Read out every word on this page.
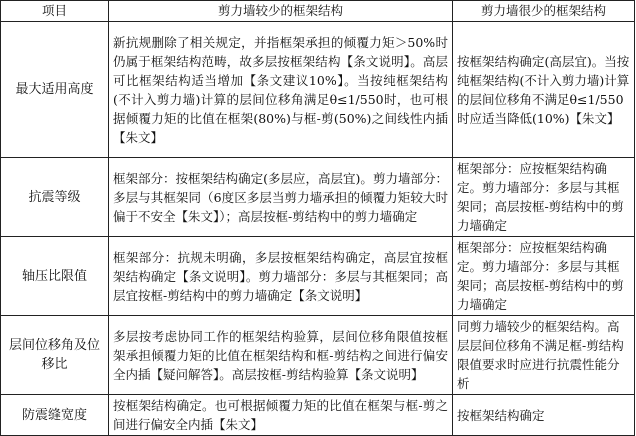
项目	剪力墙较少的框架结构	剪力墙很少的框架结构
最大适用高度	新抗规删除了相关规定，并指框架承担的倾覆力矩＞50%时仍属于框架结构范畴，故多层按框架结构【条文说明】。高层可比框架结构适当增加【条文建议10%】。当按纯框架结构(不计入剪力墙)计算的层间位移角满足θ≤1/550时，也可根据倾覆力矩的比值在框架(80%)与框-剪(50%)之间线性内插【朱文】	按框架结构确定(高层宜)。当按纯框架结构(不计入剪力墙)计算的层间位移角不满足θ≤1/550时应适当降低(10%)【朱文】
抗震等级	框架部分：按框架结构确定(多层应，高层宜)。剪力墙部分：多层与其框架同（6度区多层当剪力墙承担的倾覆力矩较大时偏于不安全【朱文】）；高层按框-剪结构中的剪力墙确定	框架部分：应按框架结构确定。剪力墙部分：多层与其框架同；高层按框-剪结构中的剪力墙确定
轴压比限值	框架部分：抗规未明确，多层按框架结构确定，高层宜按框架结构确定【条文说明】。剪力墙部分：多层与其框架同；高层宜按框-剪结构中的剪力墙确定【条文说明】	框架部分：应按框架结构确定。剪力墙部分：多层与其框架同；高层按框-剪结构中的剪力墙确定
层间位移角及位移比	多层按考虑协同工作的框架结构验算，层间位移角限值按框架承担倾覆力矩的比值在框架结构和框-剪结构之间进行偏安全内插【疑问解答】。高层按框-剪结构验算【条文说明】	同剪力墙较少的框架结构。高层层间位移角不满足框-剪结构限值要求时应进行抗震性能分析
防震缝宽度	按框架结构确定。也可根据倾覆力矩的比值在框架与框-剪之间进行偏安全内插【朱文】	按框架结构确定
